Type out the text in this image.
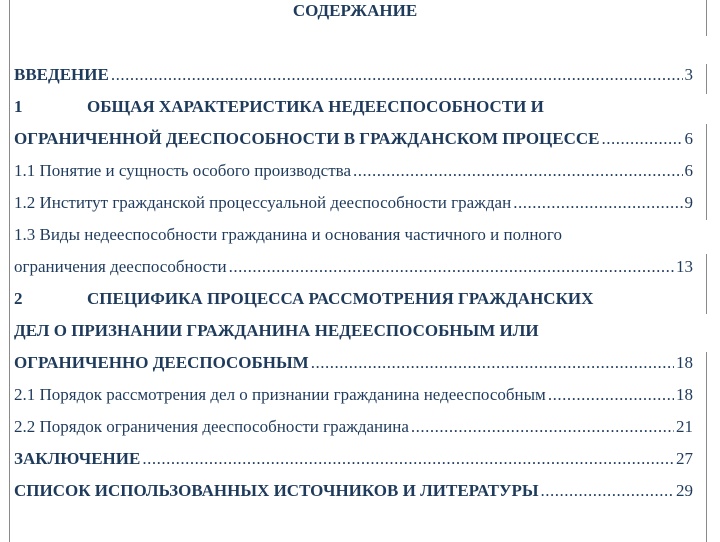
СОДЕРЖАНИЕ
ВВЕДЕНИЕ .....	3
1	ОБЩАЯ ХАРАКТЕРИСТИКА НЕДЕЕСПОСОБНОСТИ И
ОГРАНИЧЕННОЙ ДЕЕСПОСОБНОСТИ В ГРАЖДАНСКОМ ПРОЦЕССЕ .....	6
1.1 Понятие и сущность особого производства .....	6
1.2 Институт гражданской процессуальной дееспособности граждан .....	9
1.3 Виды недееспособности гражданина и основания частичного и полного
ограничения дееспособности .....	13
2	СПЕЦИФИКА ПРОЦЕССА РАССМОТРЕНИЯ ГРАЖДАНСКИХ
ДЕЛ О ПРИЗНАНИИ ГРАЖДАНИНА НЕДЕЕСПОСОБНЫМ ИЛИ
ОГРАНИЧЕННО ДЕЕСПОСОБНЫМ .....	18
2.1 Порядок рассмотрения дел о признании гражданина недееспособным .....	18
2.2 Порядок ограничения дееспособности гражданина .....	21
ЗАКЛЮЧЕНИЕ .....	27
СПИСОК ИСПОЛЬЗОВАННЫХ ИСТОЧНИКОВ И ЛИТЕРАТУРЫ .....	29
